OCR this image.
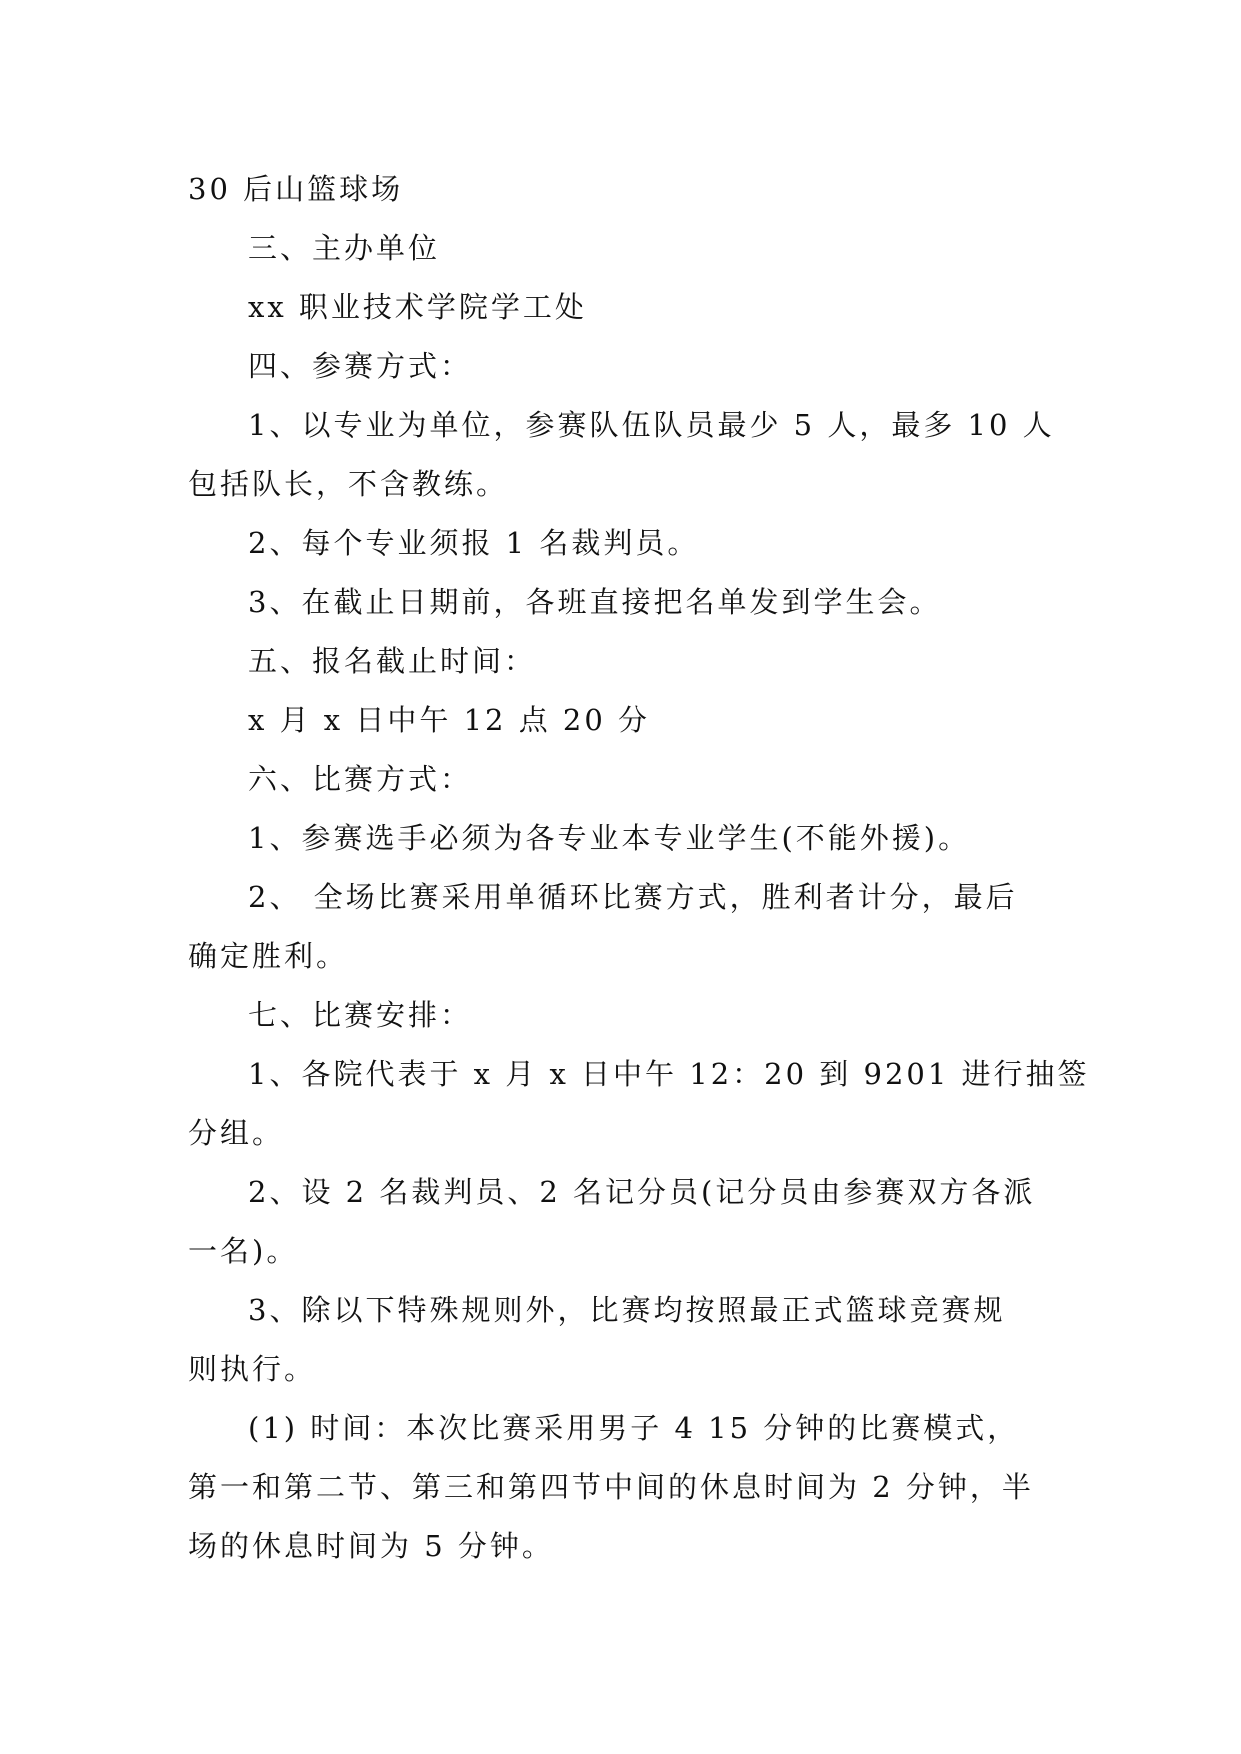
30 后山篮球场
三、主办单位
xx 职业技术学院学工处
四、参赛方式：
1、以专业为单位，参赛队伍队员最少 5 人，最多 10 人
包括队长，不含教练。
2、每个专业须报 1 名裁判员。
3、在截止日期前，各班直接把名单发到学生会。
五、报名截止时间：
x 月 x 日中午 12 点 20 分
六、比赛方式：
1、参赛选手必须为各专业本专业学生(不能外援)。
2、 全场比赛采用单循环比赛方式，胜利者计分，最后
确定胜利。
七、比赛安排：
1、各院代表于 x 月 x 日中午 12：20 到 9201 进行抽签
分组。
2、设 2 名裁判员、2 名记分员(记分员由参赛双方各派
一名)。
3、除以下特殊规则外，比赛均按照最正式篮球竞赛规
则执行。
(1) 时间：本次比赛采用男子 4 15 分钟的比赛模式，
第一和第二节、第三和第四节中间的休息时间为 2 分钟，半
场的休息时间为 5 分钟。
